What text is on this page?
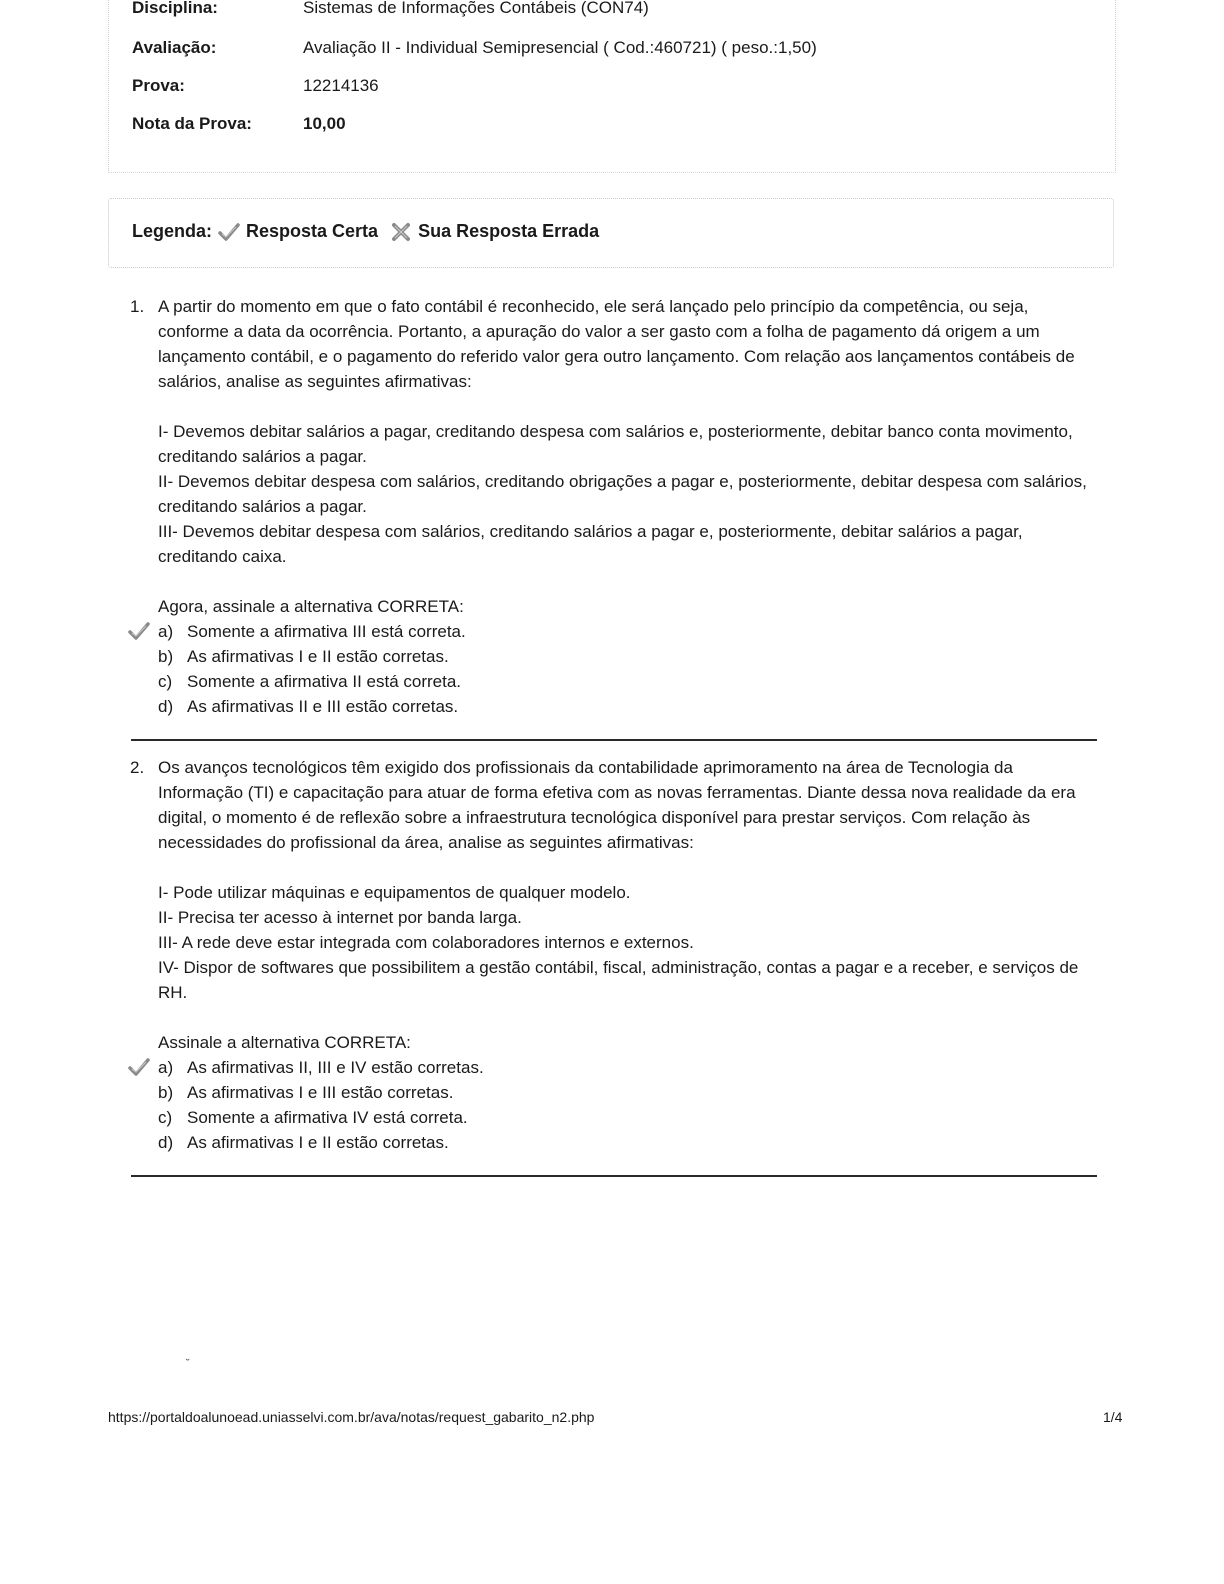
Disciplina:	Sistemas de Informações Contábeis (CON74)
Avaliação:	Avaliação II - Individual Semipresencial ( Cod.:460721) ( peso.:1,50)
Prova:	12214136
Nota da Prova:	10,00
Legenda: Resposta Certa Sua Resposta Errada
1. A partir do momento em que o fato contábil é reconhecido, ele será lançado pelo princípio da competência, ou seja, conforme a data da ocorrência. Portanto, a apuração do valor a ser gasto com a folha de pagamento dá origem a um lançamento contábil, e o pagamento do referido valor gera outro lançamento. Com relação aos lançamentos contábeis de salários, analise as seguintes afirmativas:

I- Devemos debitar salários a pagar, creditando despesa com salários e, posteriormente, debitar banco conta movimento, creditando salários a pagar.

II- Devemos debitar despesa com salários, creditando obrigações a pagar e, posteriormente, debitar despesa com salários, creditando salários a pagar.

III- Devemos debitar despesa com salários, creditando salários a pagar e, posteriormente, debitar salários a pagar, creditando caixa.

Agora, assinale a alternativa CORRETA:

a) Somente a afirmativa III está correta.
b) As afirmativas I e II estão corretas.
c) Somente a afirmativa II está correta.
d) As afirmativas II e III estão corretas.
2. Os avanços tecnológicos têm exigido dos profissionais da contabilidade aprimoramento na área de Tecnologia da Informação (TI) e capacitação para atuar de forma efetiva com as novas ferramentas. Diante dessa nova realidade da era digital, o momento é de reflexão sobre a infraestrutura tecnológica disponível para prestar serviços. Com relação às necessidades do profissional da área, analise as seguintes afirmativas:

I- Pode utilizar máquinas e equipamentos de qualquer modelo.

II- Precisa ter acesso à internet por banda larga.

III- A rede deve estar integrada com colaboradores internos e externos.

IV- Dispor de softwares que possibilitem a gestão contábil, fiscal, administração, contas a pagar e a receber, e serviços de RH.

Assinale a alternativa CORRETA:

a) As afirmativas II, III e IV estão corretas.
b) As afirmativas I e III estão corretas.
c) Somente a afirmativa IV está correta.
d) As afirmativas I e II estão corretas.
˘
https://portaldoalunoead.uniasselvi.com.br/ava/notas/request_gabarito_n2.php	1/4
